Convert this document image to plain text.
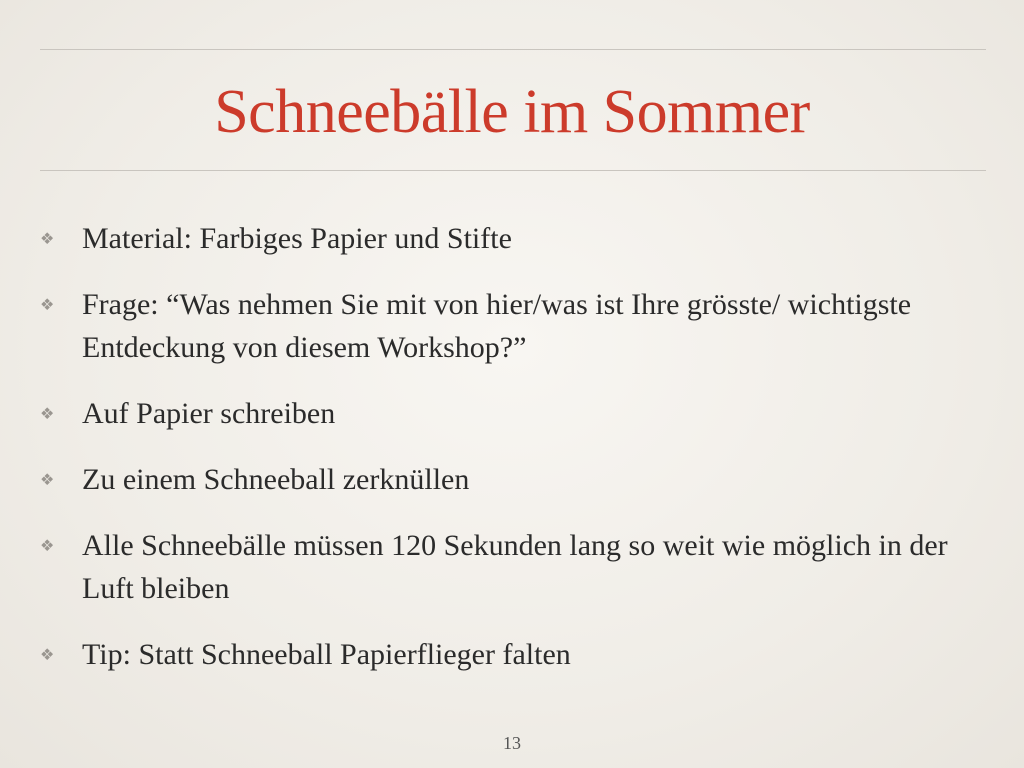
Schneebälle im Sommer
❖ Material: Farbiges Papier und Stifte
❖ Frage: “Was nehmen Sie mit von hier/was ist Ihre grösste/ wichtigste Entdeckung von diesem Workshop?”
❖ Auf Papier schreiben
❖ Zu einem Schneeball zerknüllen
❖ Alle Schneebälle müssen 120 Sekunden lang so weit wie möglich in der Luft bleiben
❖ Tip: Statt Schneeball Papierflieger falten
13
